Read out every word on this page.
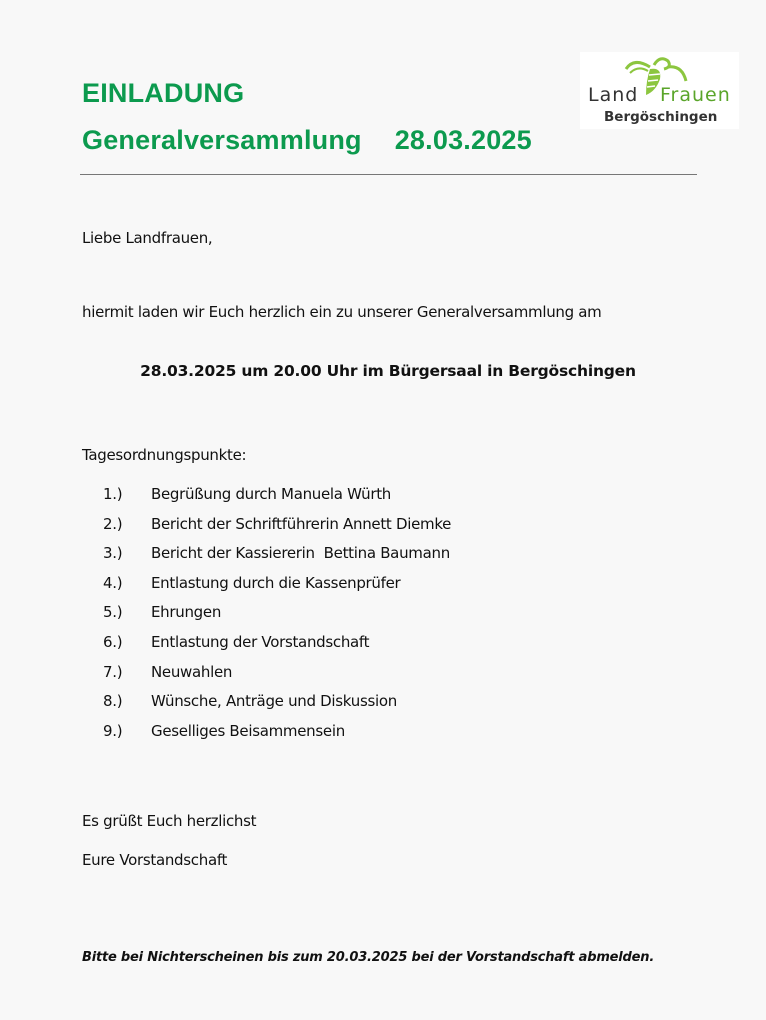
EINLADUNG
Generalversammlung 28.03.2025
Land Frauen
Bergöschingen
Liebe Landfrauen,
hiermit laden wir Euch herzlich ein zu unserer Generalversammlung am
28.03.2025 um 20.00 Uhr im Bürgersaal in Bergöschingen
Tagesordnungspunkte:
1.)	Begrüßung durch Manuela Würth
2.)	Bericht der Schriftführerin Annett Diemke
3.)	Bericht der Kassiererin  Bettina Baumann
4.)	Entlastung durch die Kassenprüfer
5.)	Ehrungen
6.)	Entlastung der Vorstandschaft
7.)	Neuwahlen
8.)	Wünsche, Anträge und Diskussion
9.)	Geselliges Beisammensein
Es grüßt Euch herzlichst
Eure Vorstandschaft
Bitte bei Nichterscheinen bis zum 20.03.2025 bei der Vorstandschaft abmelden.
